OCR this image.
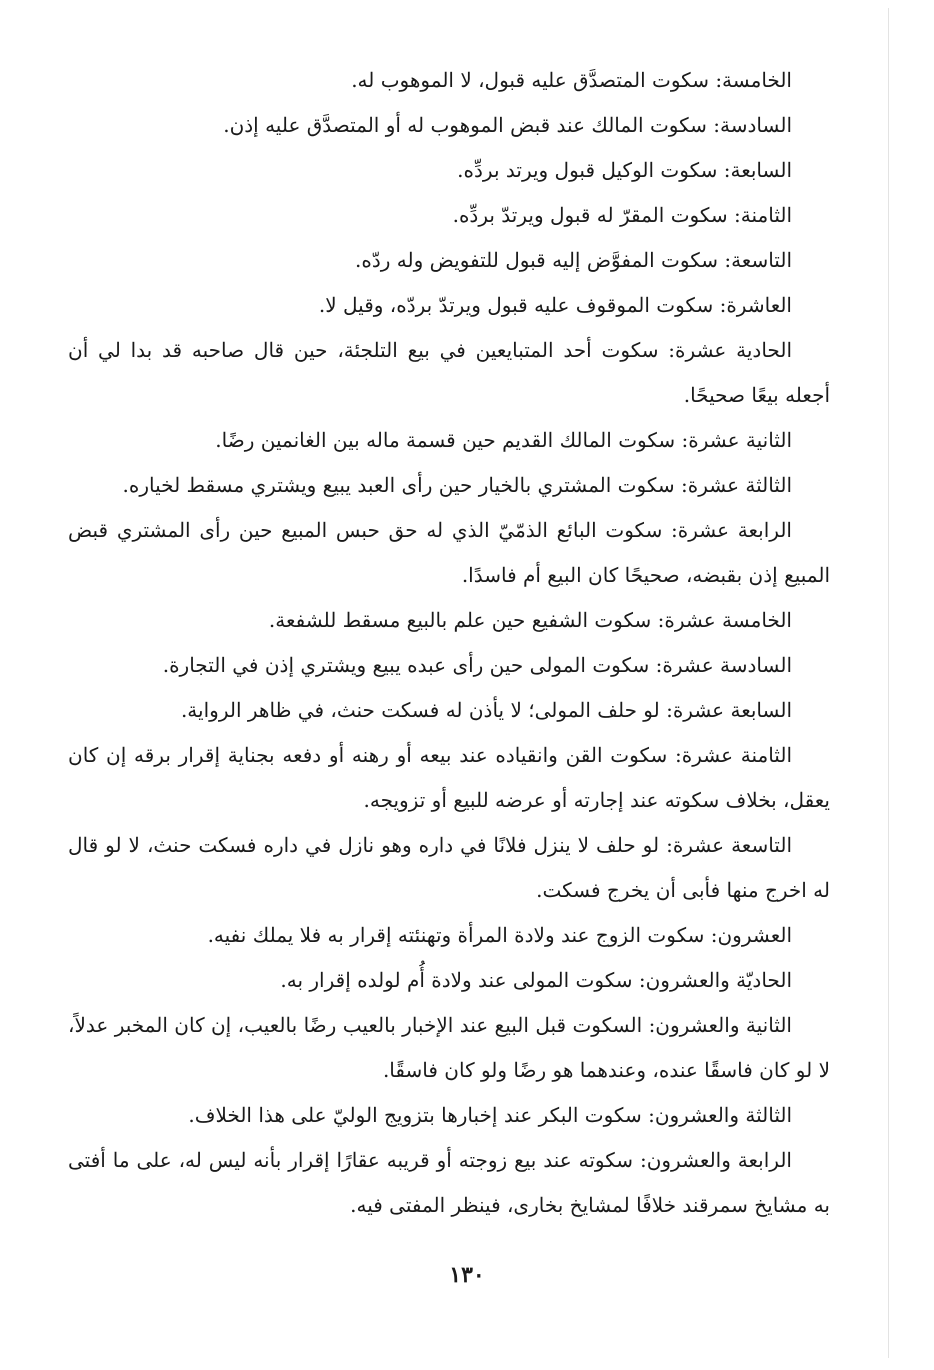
الخامسة: سكوت المتصدَّق عليه قبول، لا الموهوب له.

السادسة: سكوت المالك عند قبض الموهوب له أو المتصدَّق عليه إذن.

السابعة: سكوت الوكيل قبول ويرتد بردِّه.

الثامنة: سكوت المقرّ له قبول ويرتدّ بردِّه.

التاسعة: سكوت المفوَّض إليه قبول للتفويض وله ردّه.

العاشرة: سكوت الموقوف عليه قبول ويرتدّ بردّه، وقيل لا.

الحادية عشرة: سكوت أحد المتبايعين في بيع التلجئة، حين قال صاحبه قد بدا لي أن أجعله بيعًا صحيحًا.

الثانية عشرة: سكوت المالك القديم حين قسمة ماله بين الغانمين رضًا.

الثالثة عشرة: سكوت المشتري بالخيار حين رأى العبد يبيع ويشتري مسقط لخياره.

الرابعة عشرة: سكوت البائع الذمّيّ الذي له حق حبس المبيع حين رأى المشتري قبض المبيع إذن بقبضه، صحيحًا كان البيع أم فاسدًا.

الخامسة عشرة: سكوت الشفيع حين علم بالبيع مسقط للشفعة.

السادسة عشرة: سكوت المولى حين رأى عبده يبيع ويشتري إذن في التجارة.

السابعة عشرة: لو حلف المولى؛ لا يأذن له فسكت حنث، في ظاهر الرواية.

الثامنة عشرة: سكوت القن وانقياده عند بيعه أو رهنه أو دفعه بجناية إقرار برقه إن كان يعقل، بخلاف سكوته عند إجارته أو عرضه للبيع أو تزويجه.

التاسعة عشرة: لو حلف لا ينزل فلانًا في داره وهو نازل في داره فسكت حنث، لا لو قال له اخرج منها فأبى أن يخرج فسكت.

العشرون: سكوت الزوج عند ولادة المرأة وتهنئته إقرار به فلا يملك نفيه.

الحاديّة والعشرون: سكوت المولى عند ولادة أُم لولده إقرار به.

الثانية والعشرون: السكوت قبل البيع عند الإخبار بالعيب رضًا بالعيب، إن كان المخبر عدلاً، لا لو كان فاسقًا عنده، وعندهما هو رضًا ولو كان فاسقًا.

الثالثة والعشرون: سكوت البكر عند إخبارها بتزويج الوليّ على هذا الخلاف.

الرابعة والعشرون: سكوته عند بيع زوجته أو قريبه عقارًا إقرار بأنه ليس له، على ما أفتى به مشايخ سمرقند خلافًا لمشايخ بخارى، فينظر المفتى فيه.

١٣٠
